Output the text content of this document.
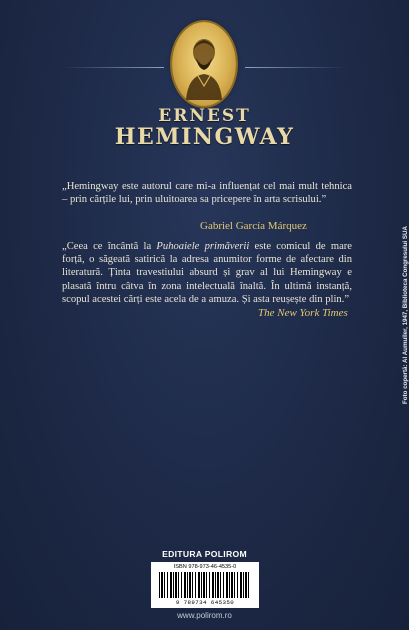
ERNEST
HEMINGWAY
„Hemingway este autorul care mi-a influențat cel mai mult tehnica – prin cărțile lui, prin uluitoarea sa pricepere în arta scrisului.”
Gabriel García Márquez
„Ceea ce încântă la Puhoaiele primăverii este comicul de mare forță, o săgeată satirică la adresa anumitor forme de afectare din literatură. Ținta travestiului absurd și grav al lui Hemingway e plasată întru câtva în zona intelectuală înaltă. În ultimă instanță, scopul acestei cărți este acela de a amuza. Și asta reușește din plin.”
The New York Times
EDITURA POLIROM
ISBN 978-973-46-4535-0
9 789734 645350
www.polirom.ro
Foto copertă: Al Aumuller, 1947, Biblioteca Congresului SUA
